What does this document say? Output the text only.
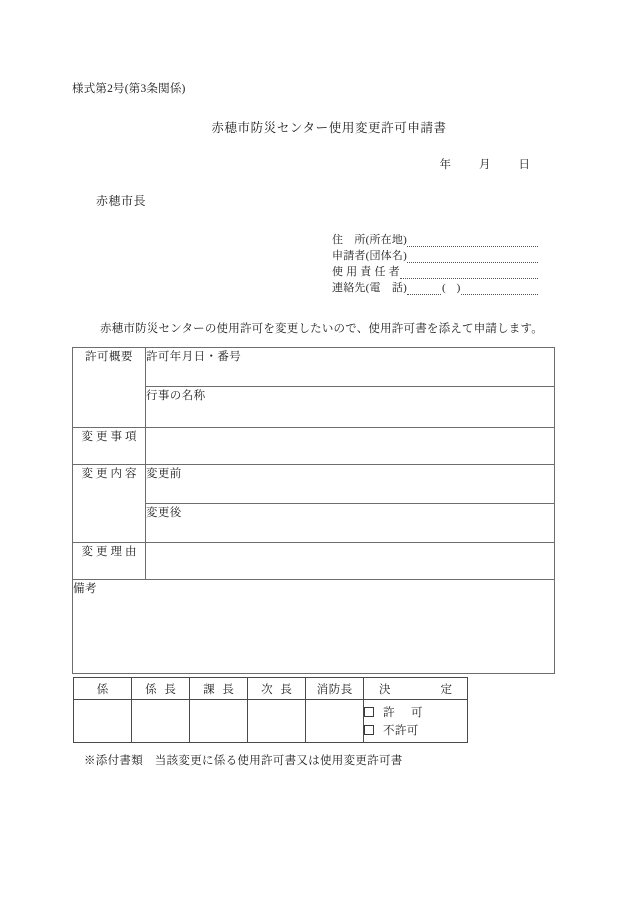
様式第2号(第3条関係)
赤穂市防災センター使用変更許可申請書
年 月 日
赤穂市長
住　所(所在地)
申請者(団体名)
使 用 責 任 者
連絡先(電　話)	(　)
赤穂市防災センターの使用許可を変更したいので、使用許可書を添えて申請します。
許可概要	許可年月日・番号
	行事の名称
変更事項	
変更内容	変更前
	変更後
変更理由	
備考	
係	係 長	課 長	次 長	消防長	決　　定

					許　可
不許可
※添付書類　当該変更に係る使用許可書又は使用変更許可書
